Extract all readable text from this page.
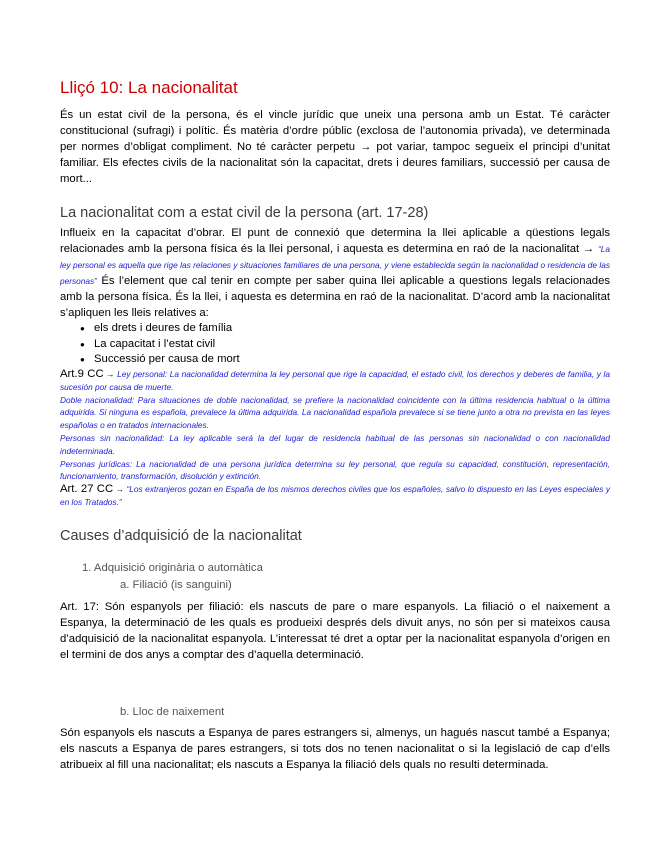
Lliçó 10: La nacionalitat

És un estat civil de la persona, és el vincle jurídic que uneix una persona amb un Estat. Té caràcter constitucional (sufragi) i polític. És matèria d’ordre públic (exclosa de l’autonomia privada), ve determinada per normes d’obligat compliment. No té caràcter perpetu → pot variar, tampoc segueix el principi d’unitat familiar. Els efectes civils de la nacionalitat són la capacitat, drets i deures familiars, successió per causa de mort...

La nacionalitat com a estat civil de la persona (art. 17-28)

Influeix en la capacitat d’obrar. El punt de connexió que determina la llei aplicable a qüestions legals relacionades amb la persona física és la llei personal, i aquesta es determina en raó de la nacionalitat → “La ley personal es aquella que rige las relaciones y situaciones familiares de una persona, y viene establecida según la nacionalidad o residencia de las personas” És l’element que cal tenir en compte per saber quina llei aplicable a questions legals relacionades amb la persona física. És la llei, i aquesta es determina en raó de la nacionalitat. D’acord amb la nacionalitat s’apliquen les lleis relatives a:

● els drets i deures de família
● La capacitat i l’estat civil
● Successió per causa de mort
Art.9 CC → Ley personal: La nacionalidad determina la ley personal que rige la capacidad, el estado civil, los derechos y deberes de familia, y la sucesión por causa de muerte.
Doble nacionalidad: Para situaciones de doble nacionalidad, se prefiere la nacionalidad coincidente con la última residencia habitual o la última adquirida. Si ninguna es española, prevalece la última adquirida. La nacionalidad española prevalece si se tiene junto a otra no prevista en las leyes españolas o en tratados internacionales.
Personas sin nacionalidad: La ley aplicable será la del lugar de residencia habitual de las personas sin nacionalidad o con nacionalidad indeterminada.
Personas jurídicas: La nacionalidad de una persona jurídica determina su ley personal, que regula su capacidad, constitución, representación, funcionamiento, transformación, disolución y extinción.
Art. 27 CC → “Los extranjeros gozan en España de los mismos derechos civiles que los españoles, salvo lo dispuesto en las Leyes especiales y en los Tratados.”
Causes d’adquisició de la nacionalitat
1. Adquisició originària o automàtica
a. Filiació (is sanguini)

Art. 17: Són espanyols per filiació: els nascuts de pare o mare espanyols. La filiació o el naixement a Espanya, la determinació de les quals es produeixi després dels divuit anys, no són per si mateixos causa d’adquisició de la nacionalitat espanyola. L’interessat té dret a optar per la nacionalitat espanyola d’origen en el termini de dos anys a comptar des d’aquella determinació.

b. Lloc de naixement

Són espanyols els nascuts a Espanya de pares estrangers si, almenys, un hagués nascut també a Espanya; els nascuts a Espanya de pares estrangers, si tots dos no tenen nacionalitat o si la legislació de cap d’ells atribueix al fill una nacionalitat; els nascuts a Espanya la filiació dels quals no resulti determinada.
